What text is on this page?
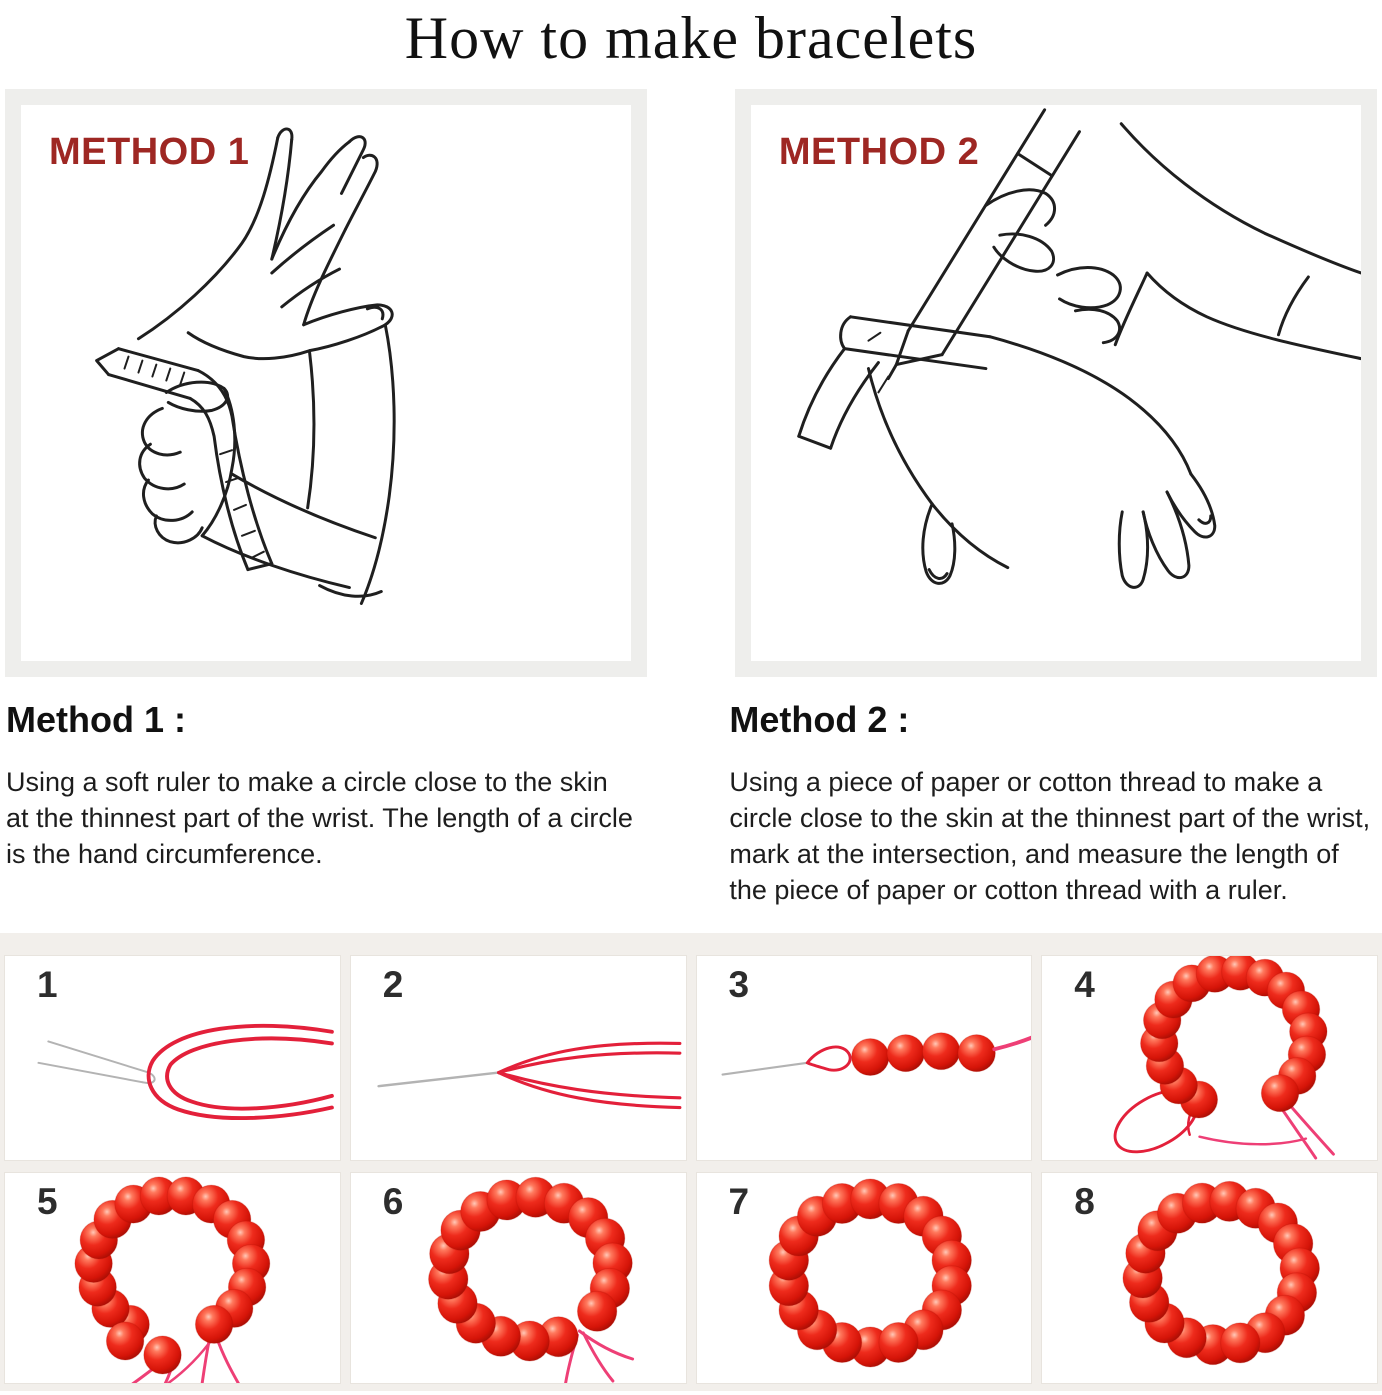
How to make bracelets
METHOD 1	METHOD 2
Method 1 :

Using a soft ruler to make a circle close to the skin at the thinnest part of the wrist. The length of a circle is the hand circumference.

Method 2 :

Using a piece of paper or cotton thread to make a circle close to the skin at the thinnest part of the wrist, mark at the intersection, and measure the length of the piece of paper or cotton thread with a ruler.

1	2	3	4
5	6	7	8
